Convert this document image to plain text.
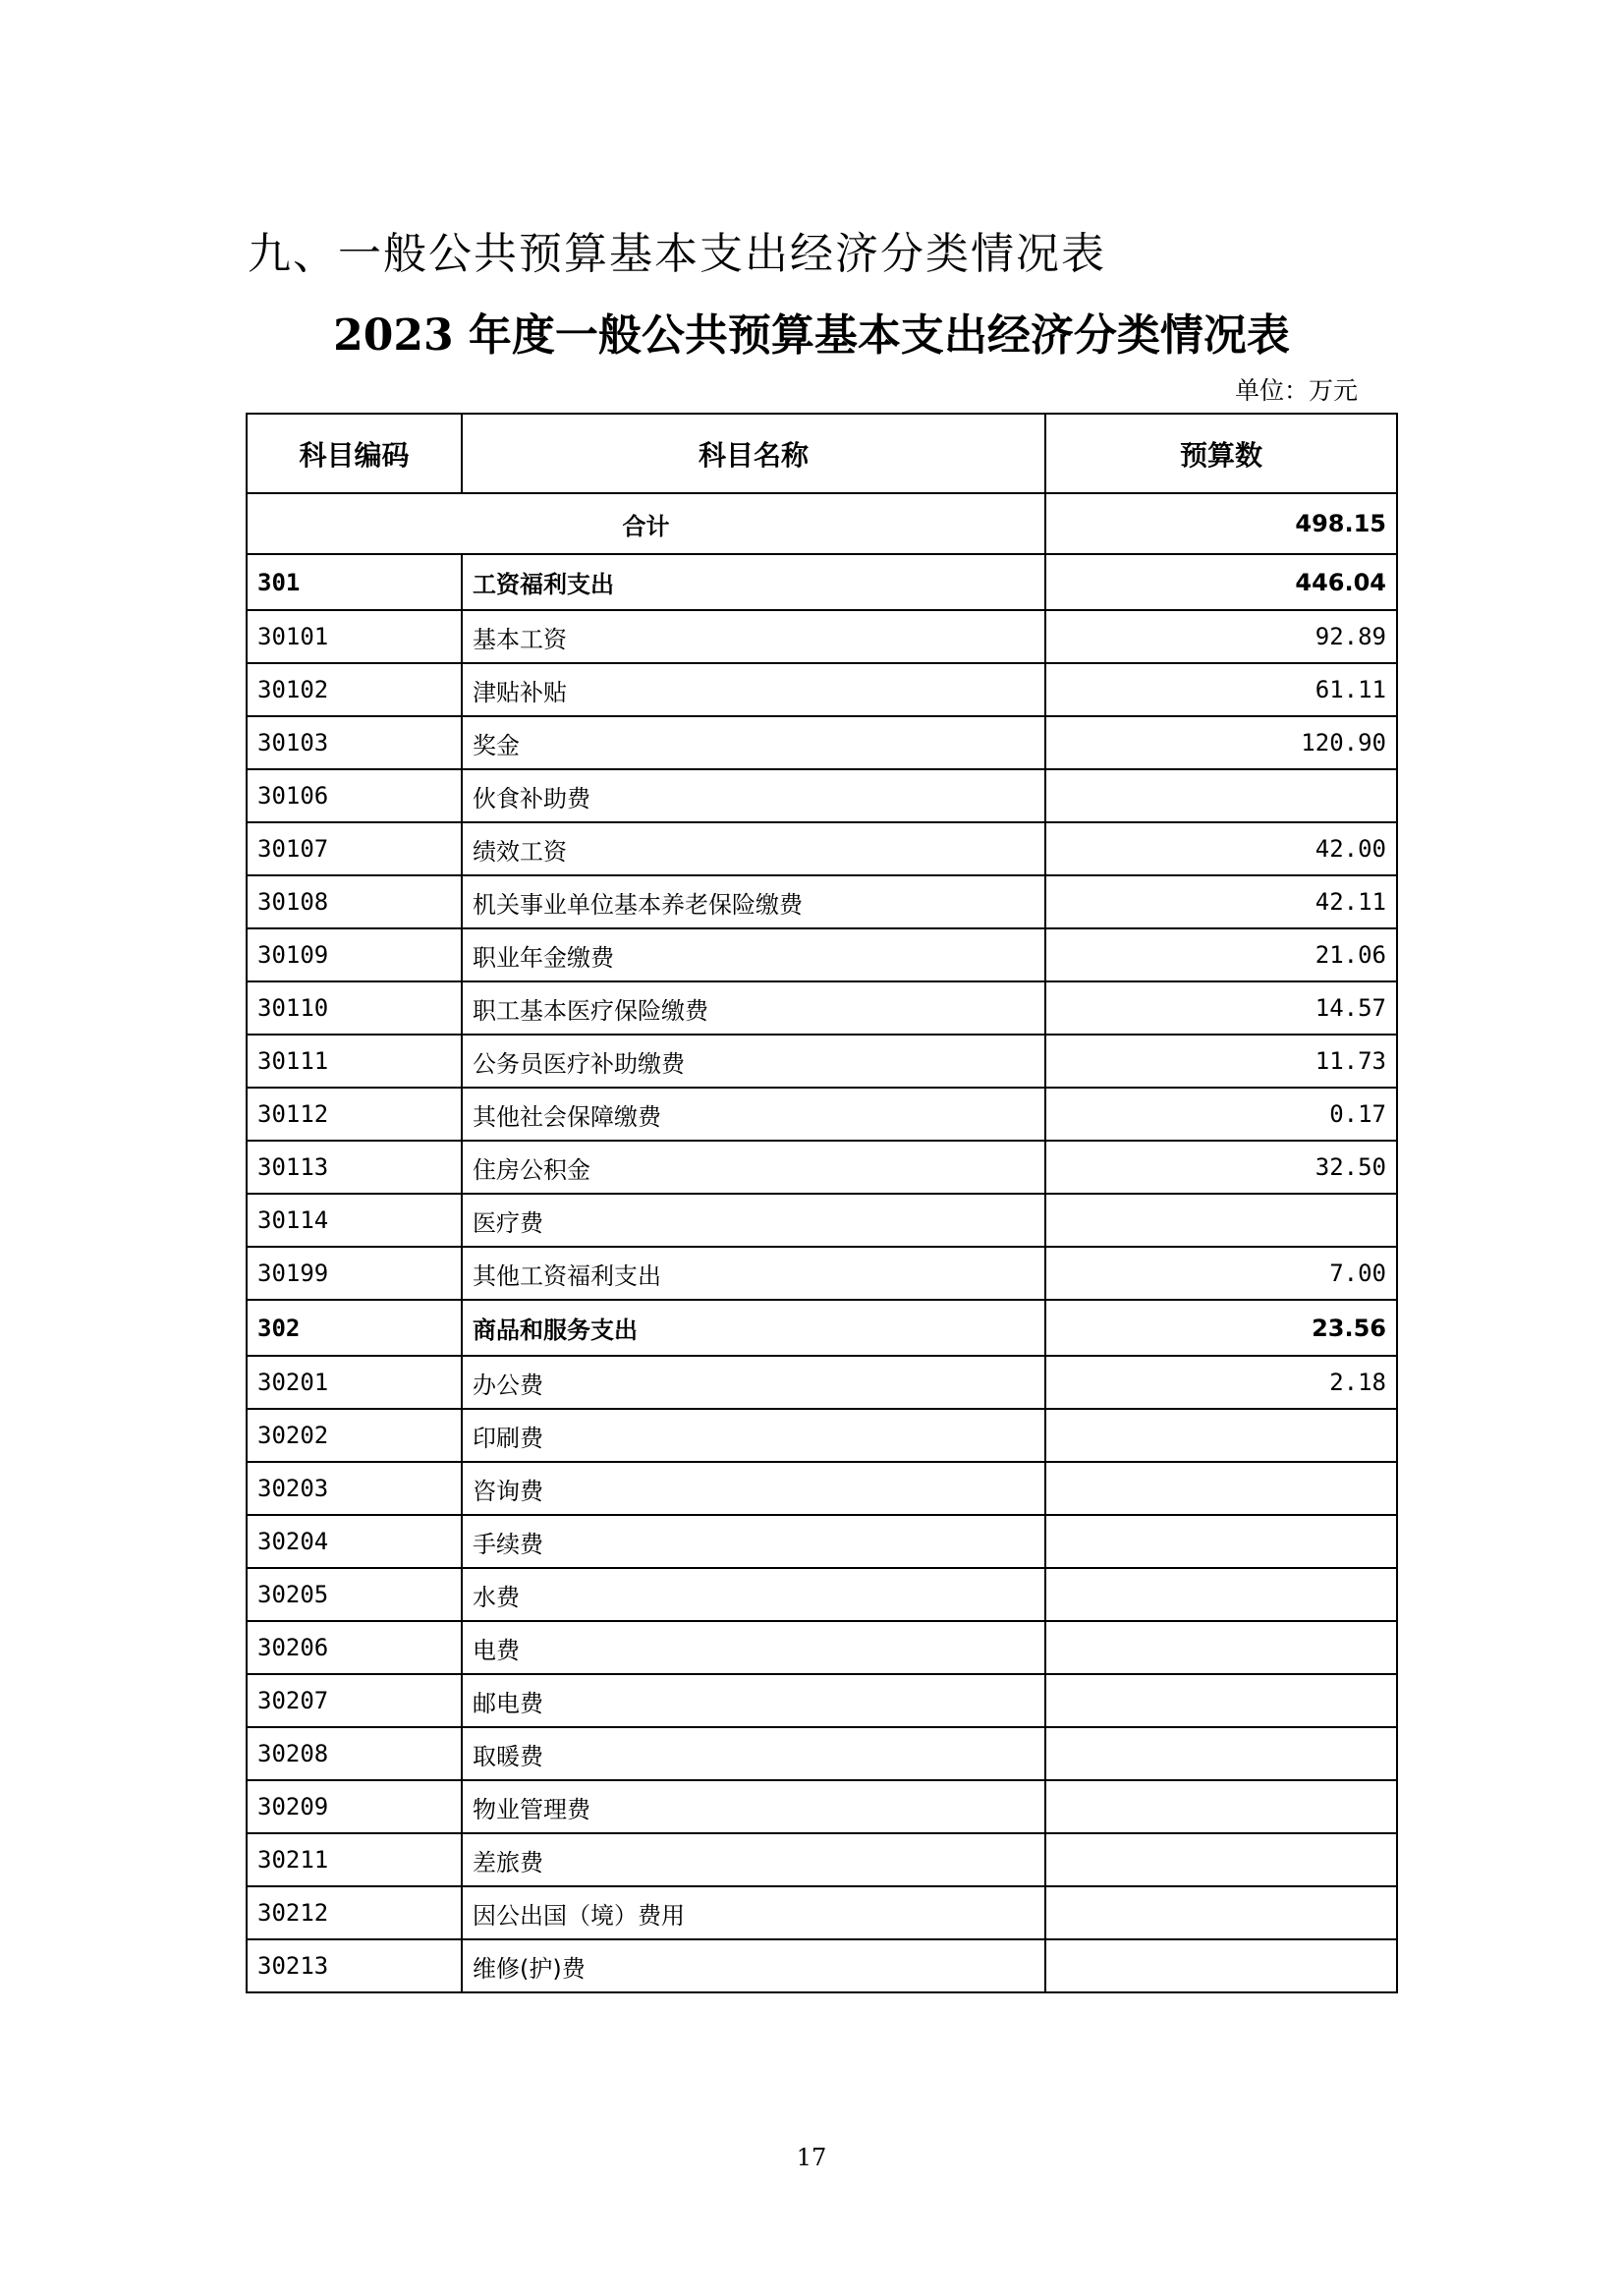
九、一般公共预算基本支出经济分类情况表
2023 年度一般公共预算基本支出经济分类情况表
单位：万元
科目编码	科目名称	预算数
合计		498.15
301	工资福利支出	446.04
30101	基本工资	92.89
30102	津贴补贴	61.11
30103	奖金	120.90
30106	伙食补助费	
30107	绩效工资	42.00
30108	机关事业单位基本养老保险缴费	42.11
30109	职业年金缴费	21.06
30110	职工基本医疗保险缴费	14.57
30111	公务员医疗补助缴费	11.73
30112	其他社会保障缴费	0.17
30113	住房公积金	32.50
30114	医疗费	
30199	其他工资福利支出	7.00
302	商品和服务支出	23.56
30201	办公费	2.18
30202	印刷费	
30203	咨询费	
30204	手续费	
30205	水费	
30206	电费	
30207	邮电费	
30208	取暖费	
30209	物业管理费	
30211	差旅费	
30212	因公出国（境）费用	
30213	维修(护)费	
17
